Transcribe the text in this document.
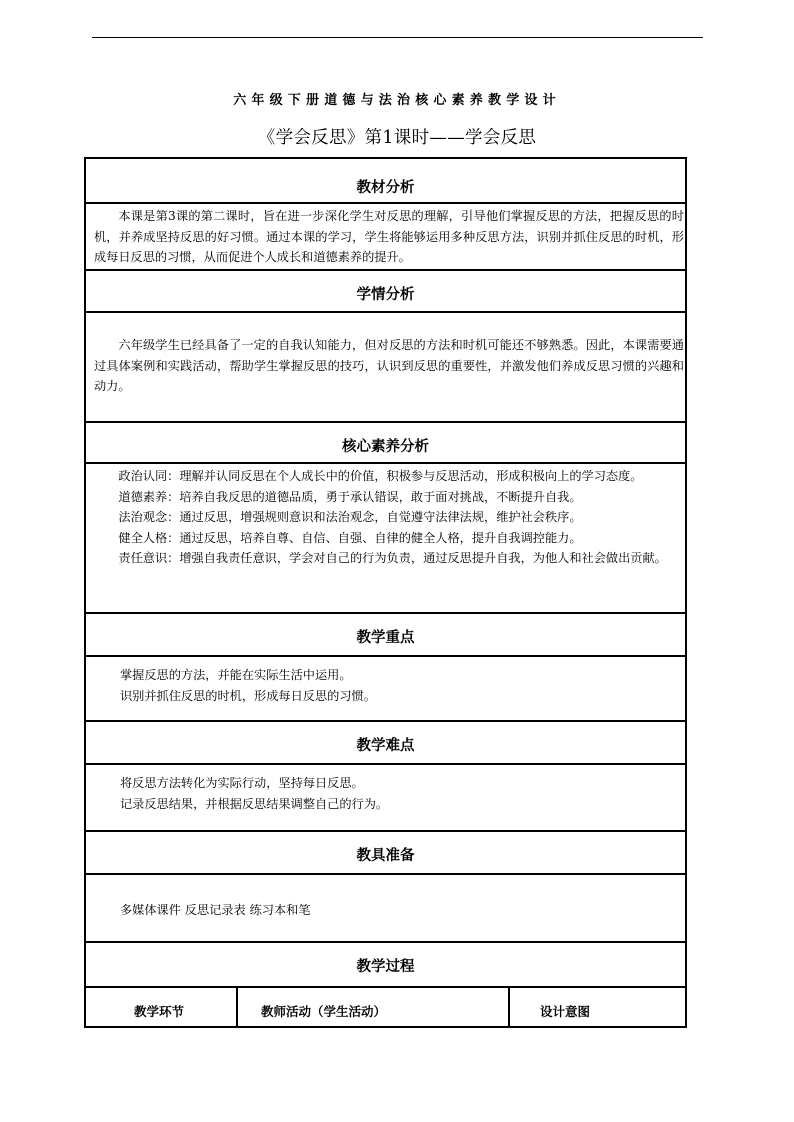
六年级下册道德与法治核心素养教学设计
《学会反思》第1课时——学会反思
教材分析

本课是第3课的第二课时，旨在进一步深化学生对反思的理解，引导他们掌握反思的方法，把握反思的时机，并养成坚持反思的好习惯。通过本课的学习，学生将能够运用多种反思方法，识别并抓住反思的时机，形成每日反思的习惯，从而促进个人成长和道德素养的提升。

学情分析

六年级学生已经具备了一定的自我认知能力，但对反思的方法和时机可能还不够熟悉。因此，本课需要通过具体案例和实践活动，帮助学生掌握反思的技巧，认识到反思的重要性，并激发他们养成反思习惯的兴趣和动力。

核心素养分析

政治认同：理解并认同反思在个人成长中的价值，积极参与反思活动，形成积极向上的学习态度。

道德素养：培养自我反思的道德品质，勇于承认错误，敢于面对挑战，不断提升自我。

法治观念：通过反思，增强规则意识和法治观念，自觉遵守法律法规，维护社会秩序。

健全人格：通过反思，培养自尊、自信、自强、自律的健全人格，提升自我调控能力。

责任意识：增强自我责任意识，学会对自己的行为负责，通过反思提升自我，为他人和社会做出贡献。

教学重点

掌握反思的方法，并能在实际生活中运用。

识别并抓住反思的时机，形成每日反思的习惯。

教学难点

将反思方法转化为实际行动，坚持每日反思。

记录反思结果，并根据反思结果调整自己的行为。

教具准备

多媒体课件 反思记录表 练习本和笔

教学过程
教学环节	教师活动（学生活动）	设计意图
